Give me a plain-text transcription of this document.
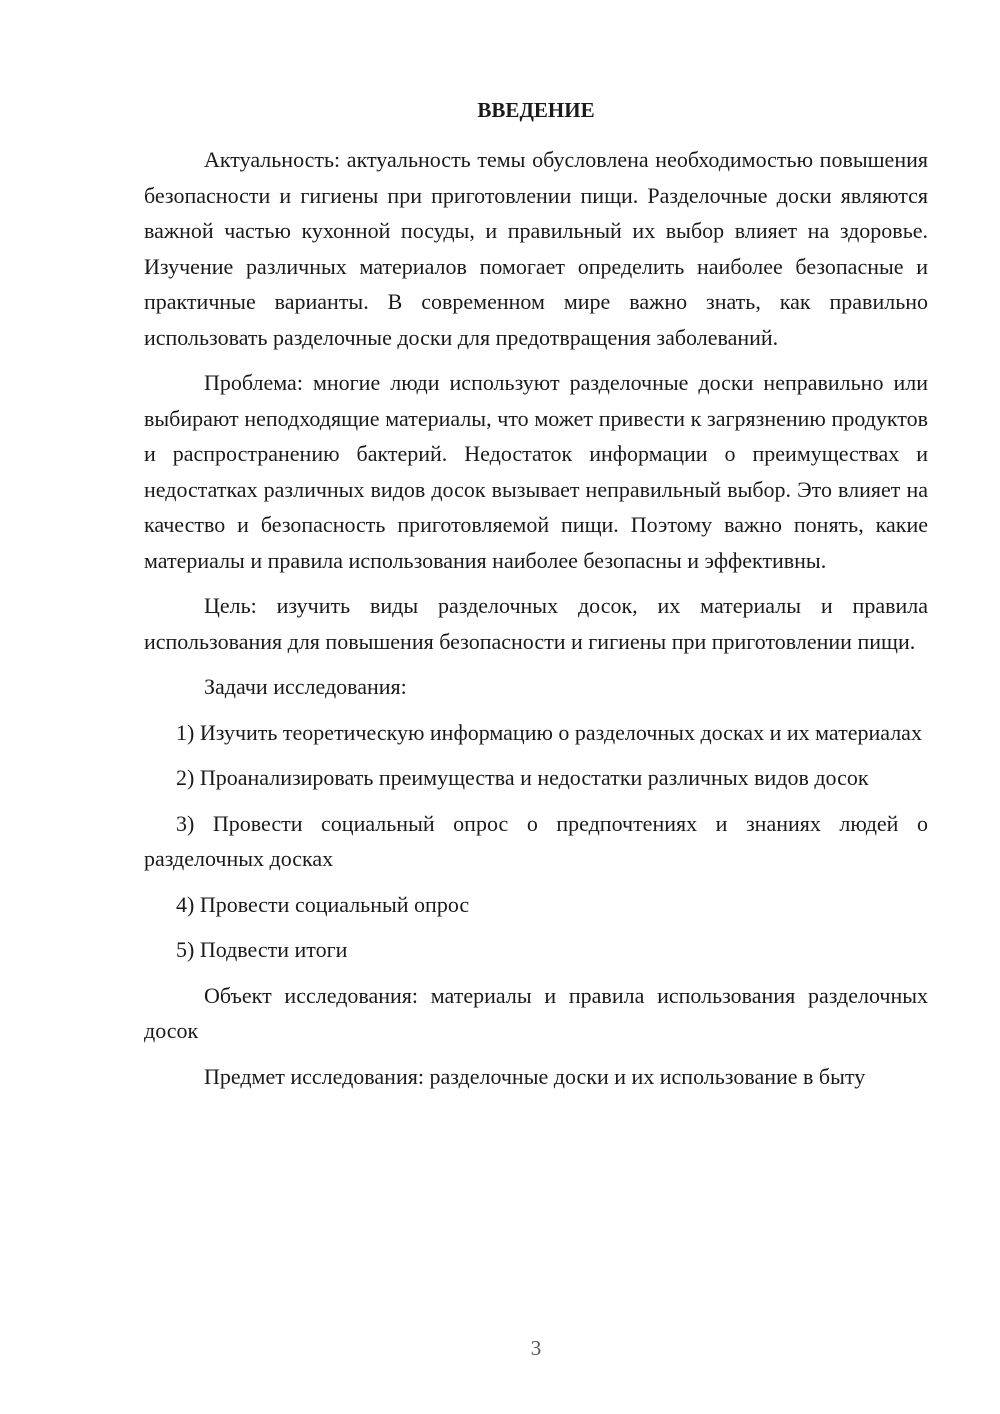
ВВЕДЕНИЕ

Актуальность: актуальность темы обусловлена необходимостью повышения безопасности и гигиены при приготовлении пищи. Разделочные доски являются важной частью кухонной посуды, и правильный их выбор влияет на здоровье. Изучение различных материалов помогает определить наиболее безопасные и практичные варианты. В современном мире важно знать, как правильно использовать разделочные доски для предотвращения заболеваний.

Проблема: многие люди используют разделочные доски неправильно или выбирают неподходящие материалы, что может привести к загрязнению продуктов и распространению бактерий. Недостаток информации о преимуществах и недостатках различных видов досок вызывает неправильный выбор. Это влияет на качество и безопасность приготовляемой пищи. Поэтому важно понять, какие материалы и правила использования наиболее безопасны и эффективны.

Цель: изучить виды разделочных досок, их материалы и правила использования для повышения безопасности и гигиены при приготовлении пищи.

Задачи исследования:

1) Изучить теоретическую информацию о разделочных досках и их материалах

2) Проанализировать преимущества и недостатки различных видов досок

3) Провести социальный опрос о предпочтениях и знаниях людей о разделочных досках

4) Провести социальный опрос

5) Подвести итоги

Объект исследования: материалы и правила использования разделочных досок

Предмет исследования: разделочные доски и их использование в быту

3
